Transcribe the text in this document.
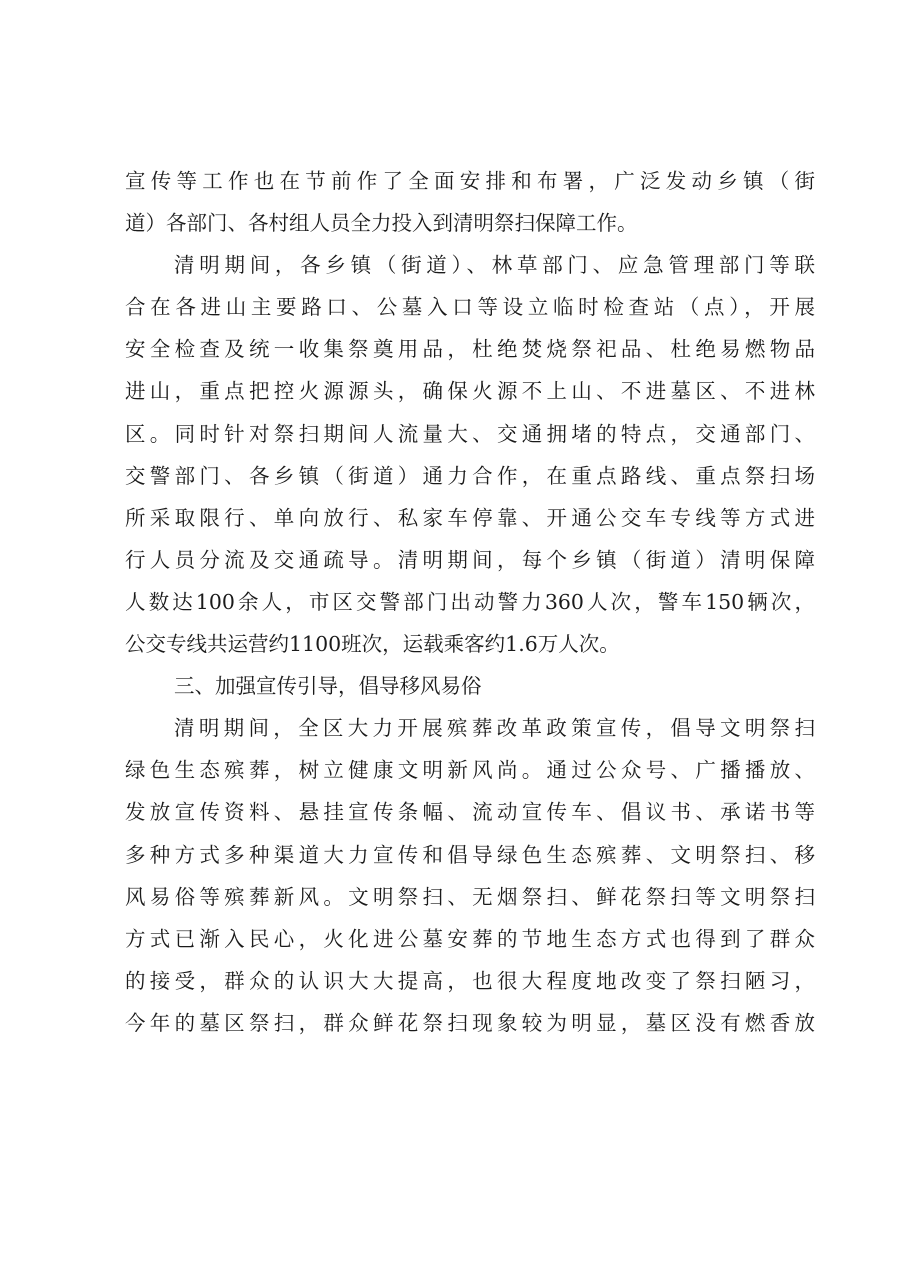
宣传等工作也在节前作了全面安排和布署，广泛发动乡镇（街
道）各部门、各村组人员全力投入到清明祭扫保障工作。
清明期间，各乡镇（街道）、林草部门、应急管理部门等联
合在各进山主要路口、公墓入口等设立临时检查站（点），开展
安全检查及统一收集祭奠用品，杜绝焚烧祭祀品、杜绝易燃物品
进山，重点把控火源源头，确保火源不上山、不进墓区、不进林
区。同时针对祭扫期间人流量大、交通拥堵的特点，交通部门、
交警部门、各乡镇（街道）通力合作，在重点路线、重点祭扫场
所采取限行、单向放行、私家车停靠、开通公交车专线等方式进
行人员分流及交通疏导。清明期间，每个乡镇（街道）清明保障
人数达100余人，市区交警部门出动警力360人次，警车150辆次，
公交专线共运营约1100班次，运载乘客约1.6万人次。
三、加强宣传引导，倡导移风易俗
清明期间，全区大力开展殡葬改革政策宣传，倡导文明祭扫
绿色生态殡葬，树立健康文明新风尚。通过公众号、广播播放、
发放宣传资料、悬挂宣传条幅、流动宣传车、倡议书、承诺书等
多种方式多种渠道大力宣传和倡导绿色生态殡葬、文明祭扫、移
风易俗等殡葬新风。文明祭扫、无烟祭扫、鲜花祭扫等文明祭扫
方式已渐入民心，火化进公墓安葬的节地生态方式也得到了群众
的接受，群众的认识大大提高，也很大程度地改变了祭扫陋习，
今年的墓区祭扫，群众鲜花祭扫现象较为明显，墓区没有燃香放
